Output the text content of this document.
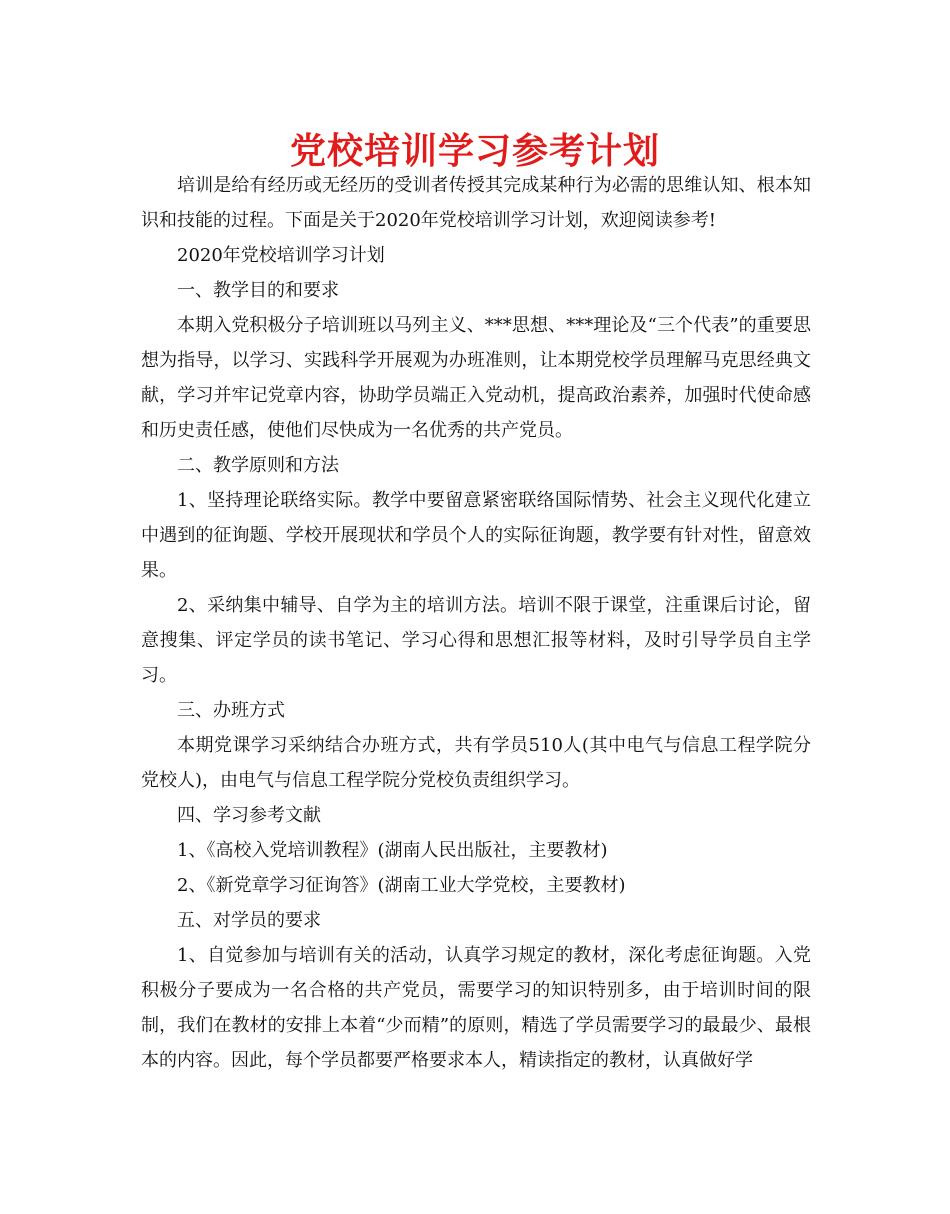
党校培训学习参考计划

培训是给有经历或无经历的受训者传授其完成某种行为必需的思维认知、根本知识和技能的过程。下面是关于2020年党校培训学习计划，欢迎阅读参考!

2020年党校培训学习计划

一、教学目的和要求

本期入党积极分子培训班以马列主义、***思想、***理论及“三个代表”的重要思想为指导，以学习、实践科学开展观为办班准则，让本期党校学员理解马克思经典文献，学习并牢记党章内容，协助学员端正入党动机，提高政治素养，加强时代使命感和历史责任感，使他们尽快成为一名优秀的共产党员。

二、教学原则和方法

1、坚持理论联络实际。教学中要留意紧密联络国际情势、社会主义现代化建立中遇到的征询题、学校开展现状和学员个人的实际征询题，教学要有针对性，留意效果。

2、采纳集中辅导、自学为主的培训方法。培训不限于课堂，注重课后讨论，留意搜集、评定学员的读书笔记、学习心得和思想汇报等材料，及时引导学员自主学习。

三、办班方式

本期党课学习采纳结合办班方式，共有学员510人(其中电气与信息工程学院分党校人)，由电气与信息工程学院分党校负责组织学习。

四、学习参考文献

1、《高校入党培训教程》(湖南人民出版社，主要教材)

2、《新党章学习征询答》(湖南工业大学党校，主要教材)

五、对学员的要求

1、自觉参加与培训有关的活动，认真学习规定的教材，深化考虑征询题。入党积极分子要成为一名合格的共产党员，需要学习的知识特别多，由于培训时间的限制，我们在教材的安排上本着“少而精”的原则，精选了学员需要学习的最最少、最根本的内容。因此，每个学员都要严格要求本人，精读指定的教材，认真做好学
